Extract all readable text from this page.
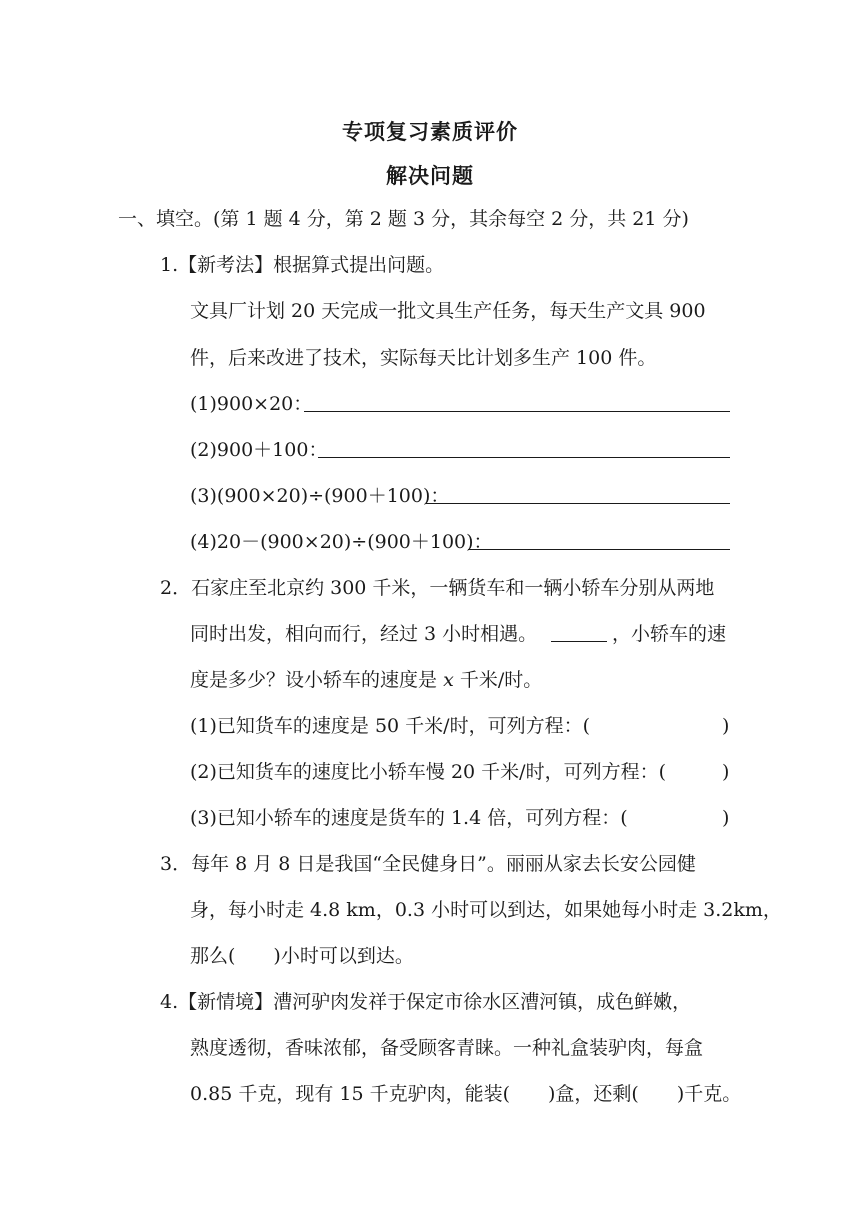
专项复习素质评价
解决问题
一、填空。(第 1 题 4 分，第 2 题 3 分，其余每空 2 分，共 21 分)
1.【新考法】根据算式提出问题。
文具厂计划 20 天完成一批文具生产任务，每天生产文具 900
件，后来改进了技术，实际每天比计划多生产 100 件。
(1)900×20：
(2)900＋100：
(3)(900×20)÷(900＋100)：
(4)20－(900×20)÷(900＋100)：
2．石家庄至北京约 300 千米，一辆货车和一辆小轿车分别从两地
同时出发，相向而行，经过 3 小时相遇。	，小轿车的速
度是多少？设小轿车的速度是 x 千米/时。
(1)已知货车的速度是 50 千米/时，可列方程：(	)
(2)已知货车的速度比小轿车慢 20 千米/时，可列方程：(	)
(3)已知小轿车的速度是货车的 1.4 倍，可列方程：(	)
3．每年 8 月 8 日是我国“全民健身日”。丽丽从家去长安公园健
身，每小时走 4.8 km，0.3 小时可以到达，如果她每小时走 3.2km，
那么(　　)小时可以到达。
4.【新情境】漕河驴肉发祥于保定市徐水区漕河镇，成色鲜嫩，
熟度透彻，香味浓郁，备受顾客青睐。一种礼盒装驴肉，每盒
0.85 千克，现有 15 千克驴肉，能装(　　)盒，还剩(　　)千克。
